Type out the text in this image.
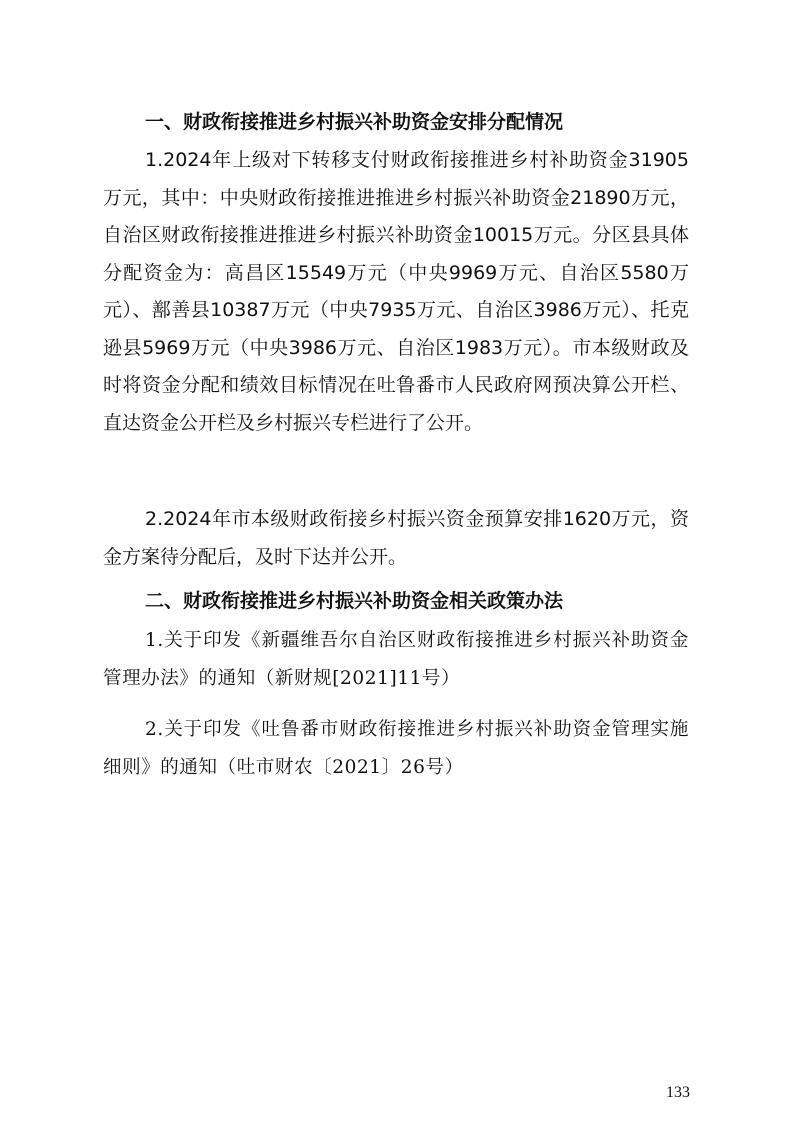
一、财政衔接推进乡村振兴补助资金安排分配情况

1.2024年上级对下转移支付财政衔接推进乡村补助资金31905万元，其中：中央财政衔接推进推进乡村振兴补助资金21890万元，自治区财政衔接推进推进乡村振兴补助资金10015万元。分区县具体分配资金为：高昌区15549万元（中央9969万元、自治区5580万元）、鄯善县10387万元（中央7935万元、自治区3986万元）、托克逊县5969万元（中央3986万元、自治区1983万元）。市本级财政及时将资金分配和绩效目标情况在吐鲁番市人民政府网预决算公开栏、直达资金公开栏及乡村振兴专栏进行了公开。

2.2024年市本级财政衔接乡村振兴资金预算安排1620万元，资金方案待分配后，及时下达并公开。

二、财政衔接推进乡村振兴补助资金相关政策办法

1.关于印发《新疆维吾尔自治区财政衔接推进乡村振兴补助资金管理办法》的通知（新财规[2021]11号）

2.关于印发《吐鲁番市财政衔接推进乡村振兴补助资金管理实施细则》的通知（吐市财农〔2021〕26号）

133
